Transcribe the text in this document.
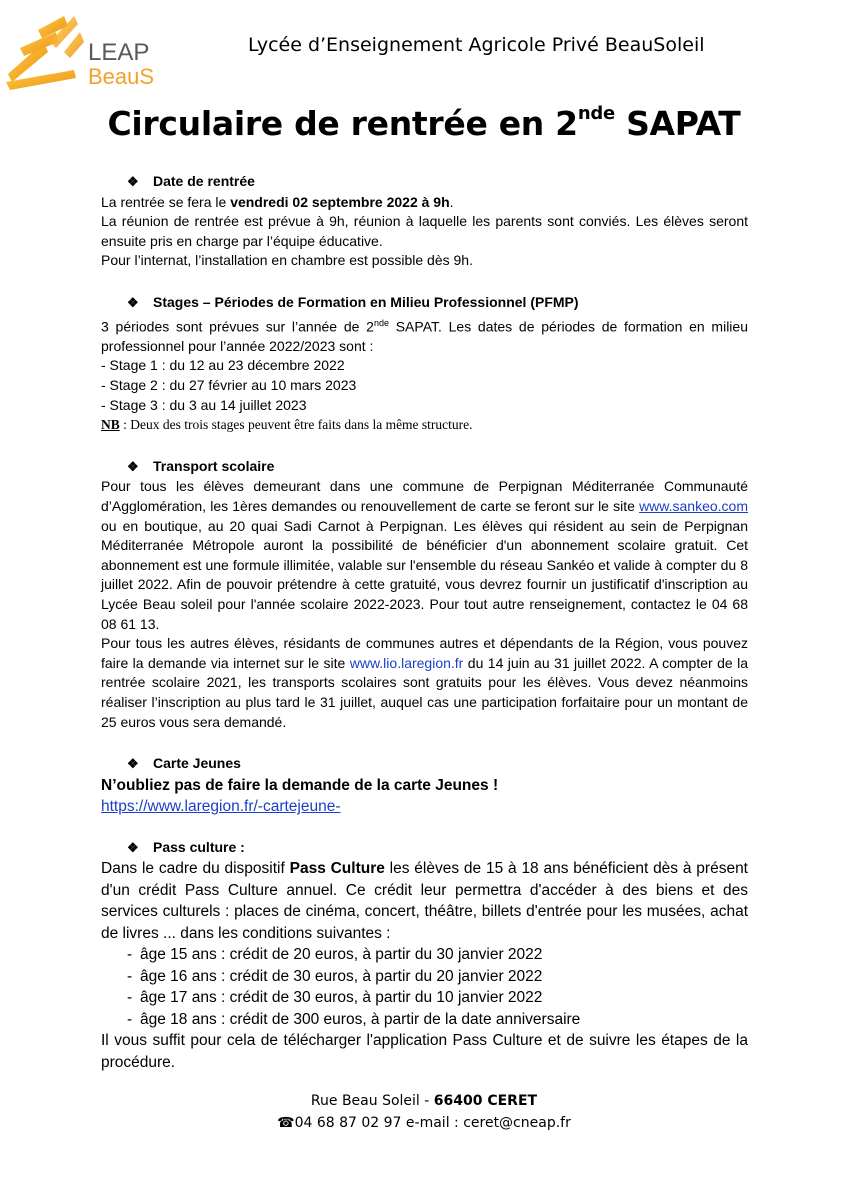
LEAP
BeauS
Lycée d’Enseignement Agricole Privé BeauSoleil
Circulaire de rentrée en 2nde SAPAT
❖ Date de rentrée

La rentrée se fera le vendredi 02 septembre 2022 à 9h.

La réunion de rentrée est prévue à 9h, réunion à laquelle les parents sont conviés. Les élèves seront ensuite pris en charge par l’équipe éducative.

Pour l’internat, l’installation en chambre est possible dès 9h.

❖ Stages – Périodes de Formation en Milieu Professionnel (PFMP)

3 périodes sont prévues sur l’année de 2nde SAPAT. Les dates de périodes de formation en milieu professionnel pour l’année 2022/2023 sont :

- Stage 1 : du 12 au 23 décembre 2022

- Stage 2 : du 27 février au 10 mars 2023

- Stage 3 : du 3 au 14 juillet 2023

NB : Deux des trois stages peuvent être faits dans la même structure.

❖ Transport scolaire

Pour tous les élèves demeurant dans une commune de Perpignan Méditerranée Communauté d’Agglomération, les 1ères demandes ou renouvellement de carte se feront sur le site www.sankeo.com ou en boutique, au 20 quai Sadi Carnot à Perpignan. Les élèves qui résident au sein de Perpignan Méditerranée Métropole auront la possibilité de bénéficier d'un abonnement scolaire gratuit. Cet abonnement est une formule illimitée, valable sur l'ensemble du réseau Sankéo et valide à compter du 8 juillet 2022. Afin de pouvoir prétendre à cette gratuité, vous devrez fournir un justificatif d'inscription au Lycée Beau soleil pour l'année scolaire 2022-2023. Pour tout autre renseignement, contactez le 04 68 08 61 13.

Pour tous les autres élèves, résidants de communes autres et dépendants de la Région, vous pouvez faire la demande via internet sur le site www.lio.laregion.fr du 14 juin au 31 juillet 2022. A compter de la rentrée scolaire 2021, les transports scolaires sont gratuits pour les élèves. Vous devez néanmoins réaliser l’inscription au plus tard le 31 juillet, auquel cas une participation forfaitaire pour un montant de 25 euros vous sera demandé.

❖ Carte Jeunes

N’oubliez pas de faire la demande de la carte Jeunes !

https://www.laregion.fr/-cartejeune-

❖ Pass culture :

Dans le cadre du dispositif Pass Culture les élèves de 15 à 18 ans bénéficient dès à présent d'un crédit Pass Culture annuel. Ce crédit leur permettra d'accéder à des biens et des services culturels : places de cinéma, concert, théâtre, billets d'entrée pour les musées, achat de livres ... dans les conditions suivantes :

- âge 15 ans : crédit de 20 euros, à partir du 30 janvier 2022
- âge 16 ans : crédit de 30 euros, à partir du 20 janvier 2022
- âge 17 ans : crédit de 30 euros, à partir du 10 janvier 2022
- âge 18 ans : crédit de 300 euros, à partir de la date anniversaire

Il vous suffit pour cela de télécharger l'application Pass Culture et de suivre les étapes de la procédure.

Rue Beau Soleil - 66400 CERET
☎04 68 87 02 97 e-mail : ceret@cneap.fr
